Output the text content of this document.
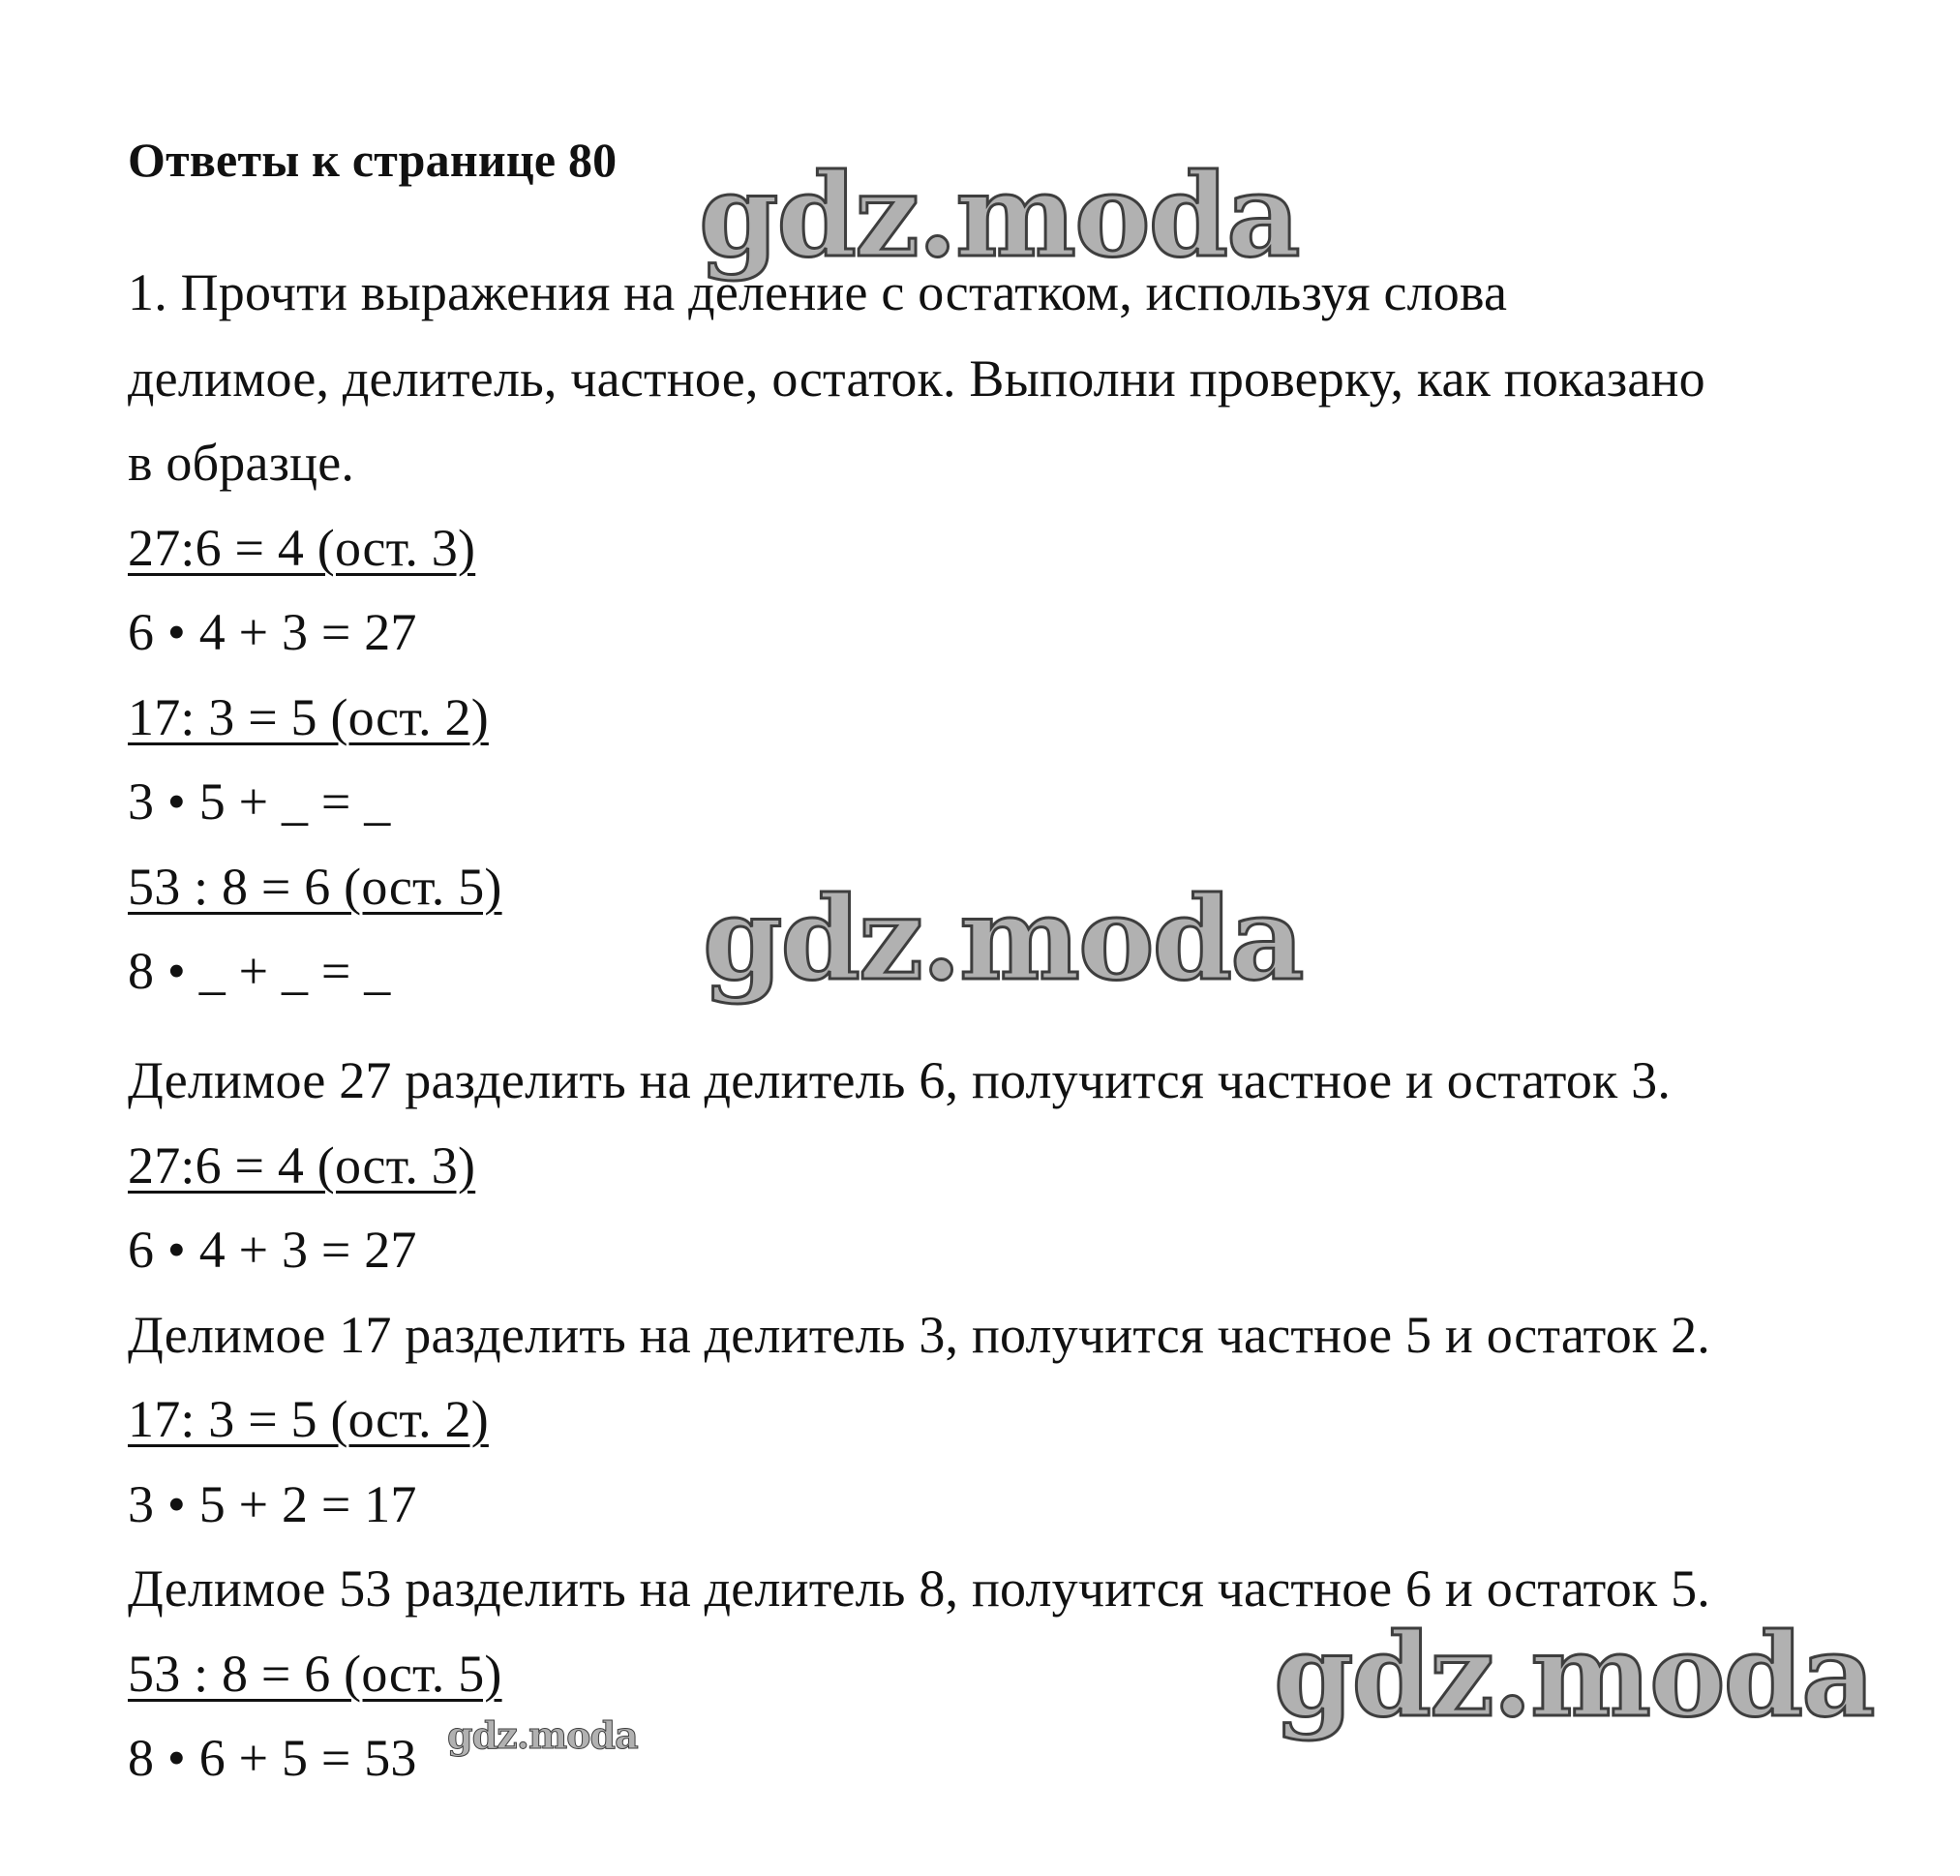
Ответы к странице 80
1. Прочти выражения на деление с остатком, используя слова
делимое, делитель, частное, остаток. Выполни проверку, как показано
в образце.
27:6 = 4 (ост. 3)
6 • 4 + 3 = 27
17: 3 = 5 (ост. 2)
3 • 5 + _ = _
53 : 8 = 6 (ост. 5)
8 • _ + _ = _
Делимое 27 разделить на делитель 6, получится частное и остаток 3.
27:6 = 4 (ост. 3)
6 • 4 + 3 = 27
Делимое 17 разделить на делитель 3, получится частное 5 и остаток 2.
17: 3 = 5 (ост. 2)
3 • 5 + 2 = 17
Делимое 53 разделить на делитель 8, получится частное 6 и остаток 5.
53 : 8 = 6 (ост. 5)
8 • 6 + 5 = 53
gdz.moda
gdz.moda
gdz.moda
gdz.moda
